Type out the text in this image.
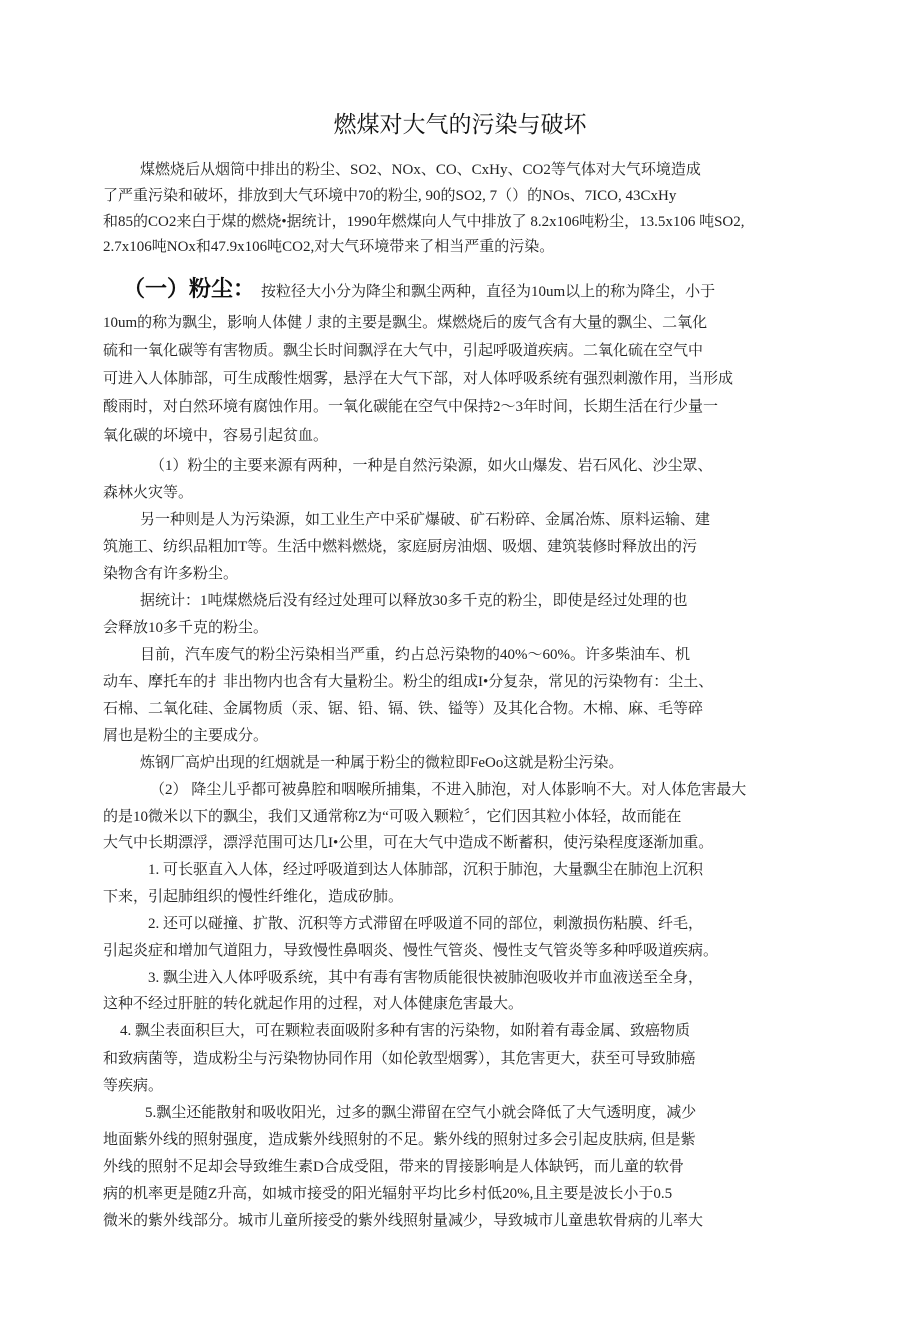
燃煤对大气的污染与破坏
煤燃烧后从烟筒中排出的粉尘、SO2、NOx、CO、CxHy、CO2等气体对大气环境造成
了严重污染和破坏，排放到大气环境中70的粉尘, 90的SO2, 7（）的NOs、7ICO, 43CxHy
和85的CO2来白于煤的燃烧•据统计，1990年燃煤向人气中排放了 8.2x106吨粉尘，13.5x106 吨SO2,
2.7x106吨NOx和47.9x106吨CO2,对大气环境带来了相当严重的污染。
（一）粉尘： 按粒径大小分为降尘和飘尘两种，直径为10um以上的称为降尘，小于
10um的称为飘尘，影响人体健丿隶的主要是飘尘。煤燃烧后的废气含有大量的飘尘、二氧化
硫和一氧化碳等有害物质。飘尘长时间飘浮在大气中，引起呼吸道疾病。二氧化硫在空气中
可进入人体肺部，可生成酸性烟雾，悬浮在大气下部，对人体呼吸系统有强烈刺激作用，当形成
酸雨时，对白然环境有腐蚀作用。一氧化碳能在空气中保持2～3年时间，长期生活在行少量一
氧化碳的坏境中，容易引起贫血。
（1）粉尘的主要来源有两种，一种是自然污染源，如火山爆发、岩石风化、沙尘眾、
森林火灾等。
另一种则是人为污染源，如工业生产中采矿爆破、矿石粉碎、金属冶炼、原料运输、建
筑施工、纺织品粗加T等。生活中燃料燃烧，家庭厨房油烟、吸烟、建筑装修时释放出的污
染物含有许多粉尘。
据统计：1吨煤燃烧后没有经过处理可以释放30多千克的粉尘，即使是经过处理的也
会释放10多千克的粉尘。
目前，汽车废气的粉尘污染相当严重，约占总污染物的40%～60%。许多柴油车、机
动车、摩托车的扌非出物内也含有大量粉尘。粉尘的组成I•分复杂，常见的污染物有：尘土、
石棉、二氧化硅、金属物质（汞、锯、铅、镉、铁、镒等）及其化合物。木棉、麻、毛等碎
屑也是粉尘的主要成分。
炼钢厂高炉出现的红烟就是一种属于粉尘的微粒即FeOo这就是粉尘污染。
（2） 降尘儿乎都可被鼻腔和咽喉所捕集，不进入肺泡，对人体影响不大。对人体危害最大
的是10微米以下的飘尘，我们又通常称Z为“可吸入颗粒〞，它们因其粒小体轻，故而能在
大气中长期漂浮，漂浮范围可达几I•公里，可在大气中造成不断蓄积，使污染程度逐渐加重。
1. 可长驱直入人体，经过呼吸道到达人体肺部，沉积于肺泡，大量飘尘在肺泡上沉积
下来，引起肺组织的慢性纤维化，造成矽肺。
2. 还可以碰撞、扩散、沉积等方式滞留在呼吸道不同的部位，刺激损伤粘膜、纤毛，
引起炎症和增加气道阻力，导致慢性鼻咽炎、慢性气管炎、慢性支气管炎等多种呼吸道疾病。
3. 飘尘进入人体呼吸系统，其中有毒有害物质能很快被肺泡吸收并市血液送至全身，
这种不经过肝脏的转化就起作用的过程，对人体健康危害最大。
4. 飘尘表面积巨大，可在颗粒表面吸附多种有害的污染物，如附着有毒金属、致癌物质
和致病菌等，造成粉尘与污染物协同作用（如伦敦型烟雾），其危害更大，获至可导致肺癌
等疾病。
5.飘尘还能散射和吸收阳光，过多的飘尘滞留在空气小就会降低了大气透明度，减少
地面紫外线的照射强度，造成紫外线照射的不足。紫外线的照射过多会引起皮肤病, 但是紫
外线的照射不足却会导致维生素D合成受阻，带来的胃接影响是人体缺钙，而儿童的软骨
病的机率更是随Z升高，如城市接受的阳光辐射平均比乡村低20%,且主要是波长小于0.5
微米的紫外线部分。城市儿童所接受的紫外线照射量减少，导致城市儿童患软骨病的儿率大
